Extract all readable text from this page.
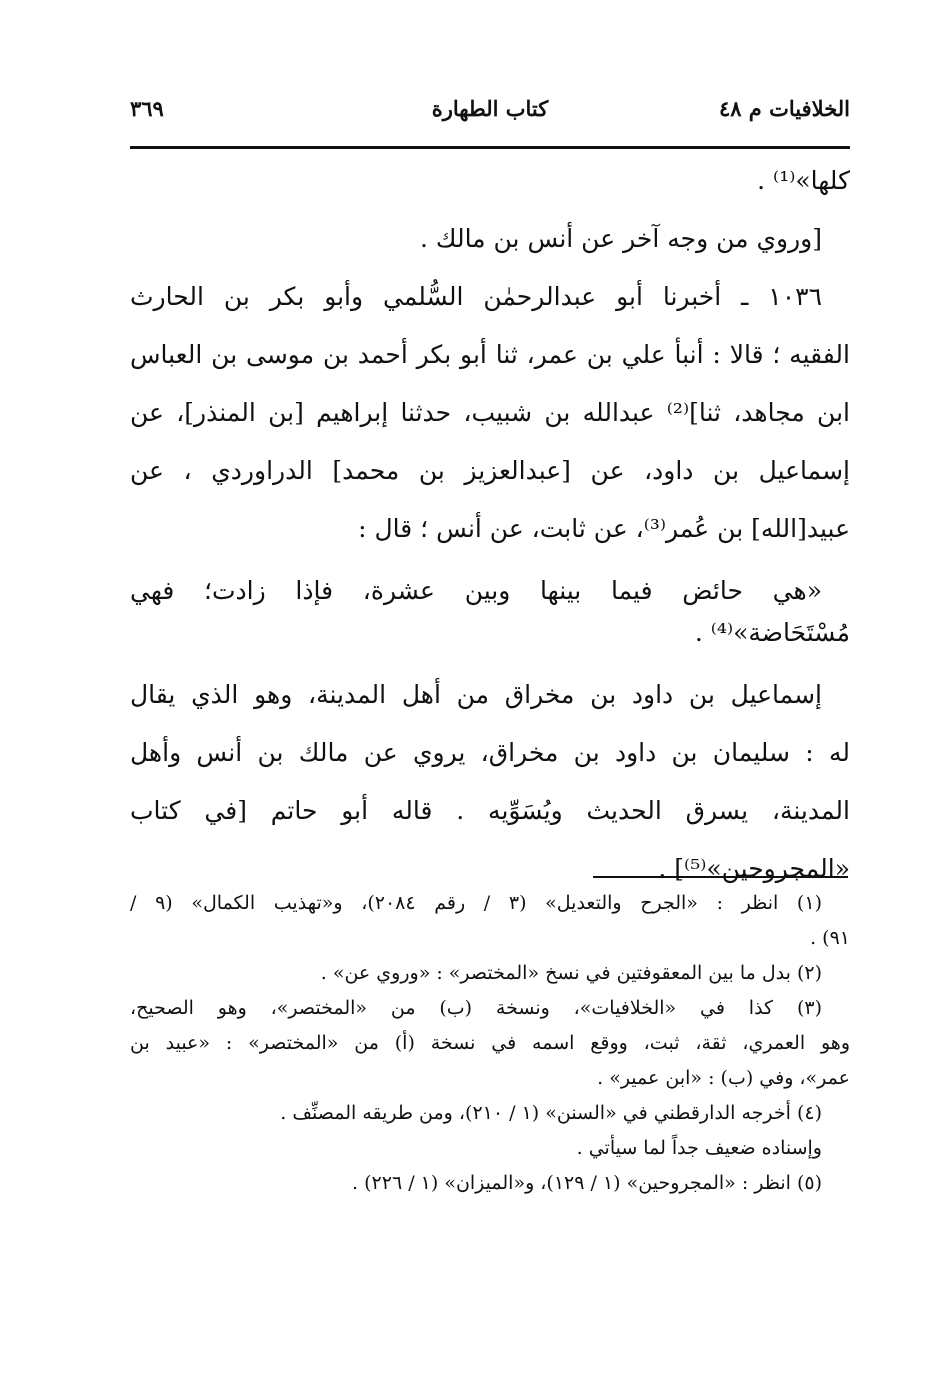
الخلافيات م ٤٨
كتاب الطهارة
٣٦٩
كلها»⁽¹⁾ .
[وروي من وجه آخر عن أنس بن مالك .
١٠٣٦ ـ أخبرنا أبو عبدالرحمٰن السُّلمي وأبو بكر بن الحارث
الفقيه ؛ قالا : أنبأ علي بن عمر، ثنا أبو بكر أحمد بن موسى بن العباس
ابن مجاهد، ثنا]⁽²⁾ عبدالله بن شبيب، حدثنا إبراهيم [بن المنذر]، عن
إسماعيل بن داود، عن [عبدالعزيز بن محمد] الدراوردي ، عن
عبيد[الله] بن عُمر⁽³⁾، عن ثابت، عن أنس ؛ قال :
«هي حائض فيما بينها وبين عشرة، فإذا زادت؛ فهي
مُسْتَحَاضة»⁽⁴⁾ .
إسماعيل بن داود بن مخراق من أهل المدينة، وهو الذي يقال
له : سليمان بن داود بن مخراق، يروي عن مالك بن أنس وأهل
المدينة، يسرق الحديث ويُسَوِّيه . قاله أبو حاتم [في كتاب
«المجروحين»⁽⁵⁾] .
(١) انظر : «الجرح والتعديل» (٣ / رقم ٢٠٨٤)، و«تهذيب الكمال» (٩ /
٩١) .
(٢) بدل ما بين المعقوفتين في نسخ «المختصر» : «وروي عن» .
(٣) كذا في «الخلافيات»، ونسخة (ب) من «المختصر»، وهو الصحيح،
وهو العمري، ثقة، ثبت، ووقع اسمه في نسخة (أ) من «المختصر» : «عبيد بن
عمر»، وفي (ب) : «ابن عمير» .
(٤) أخرجه الدارقطني في «السنن» (١ / ٢١٠)، ومن طريقه المصنِّف .
وإسناده ضعيف جداً لما سيأتي .
(٥) انظر : «المجروحين» (١ / ١٢٩)، و«الميزان» (١ / ٢٢٦) .
